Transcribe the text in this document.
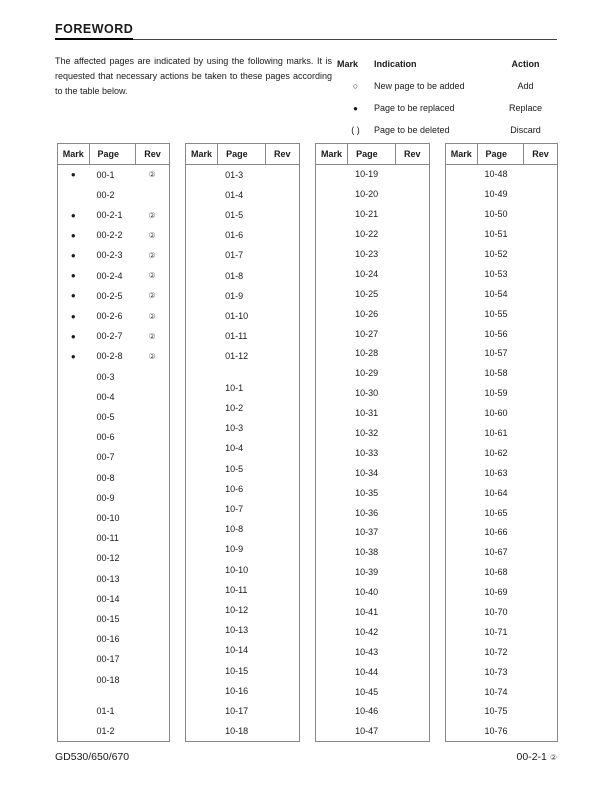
FOREWORD

The affected pages are indicated by using the following marks. It is requested that necessary actions be taken to these pages according to the table below.

Mark	Indication	Action
○	New page to be added	Add
●	Page to be replaced	Replace
( )	Page to be deleted	Discard
Mark	Page	Rev
●	00-1	②
00-2
●	00-2-1	②
●	00-2-2	②
●	00-2-3	②
●	00-2-4	②
●	00-2-5	②
●	00-2-6	②
●	00-2-7	②
●	00-2-8	②
00-3
00-4
00-5
00-6
00-7
00-8
00-9
00-10
00-11
00-12
00-13
00-14
00-15
00-16
00-17
00-18
01-1
01-2
Mark	Page	Rev
01-3
01-4
01-5
01-6
01-7
01-8
01-9
01-10
01-11
01-12
10-1
10-2
10-3
10-4
10-5
10-6
10-7
10-8
10-9
10-10
10-11
10-12
10-13
10-14
10-15
10-16
10-17
10-18
Mark	Page	Rev
10-19
10-20
10-21
10-22
10-23
10-24
10-25
10-26
10-27
10-28
10-29
10-30
10-31
10-32
10-33
10-34
10-35
10-36
10-37
10-38
10-39
10-40
10-41
10-42
10-43
10-44
10-45
10-46
10-47
Mark	Page	Rev
10-48
10-49
10-50
10-51
10-52
10-53
10-54
10-55
10-56
10-57
10-58
10-59
10-60
10-61
10-62
10-63
10-64
10-65
10-66
10-67
10-68
10-69
10-70
10-71
10-72
10-73
10-74
10-75
10-76
GD530/650/670	00-2-1 ②
